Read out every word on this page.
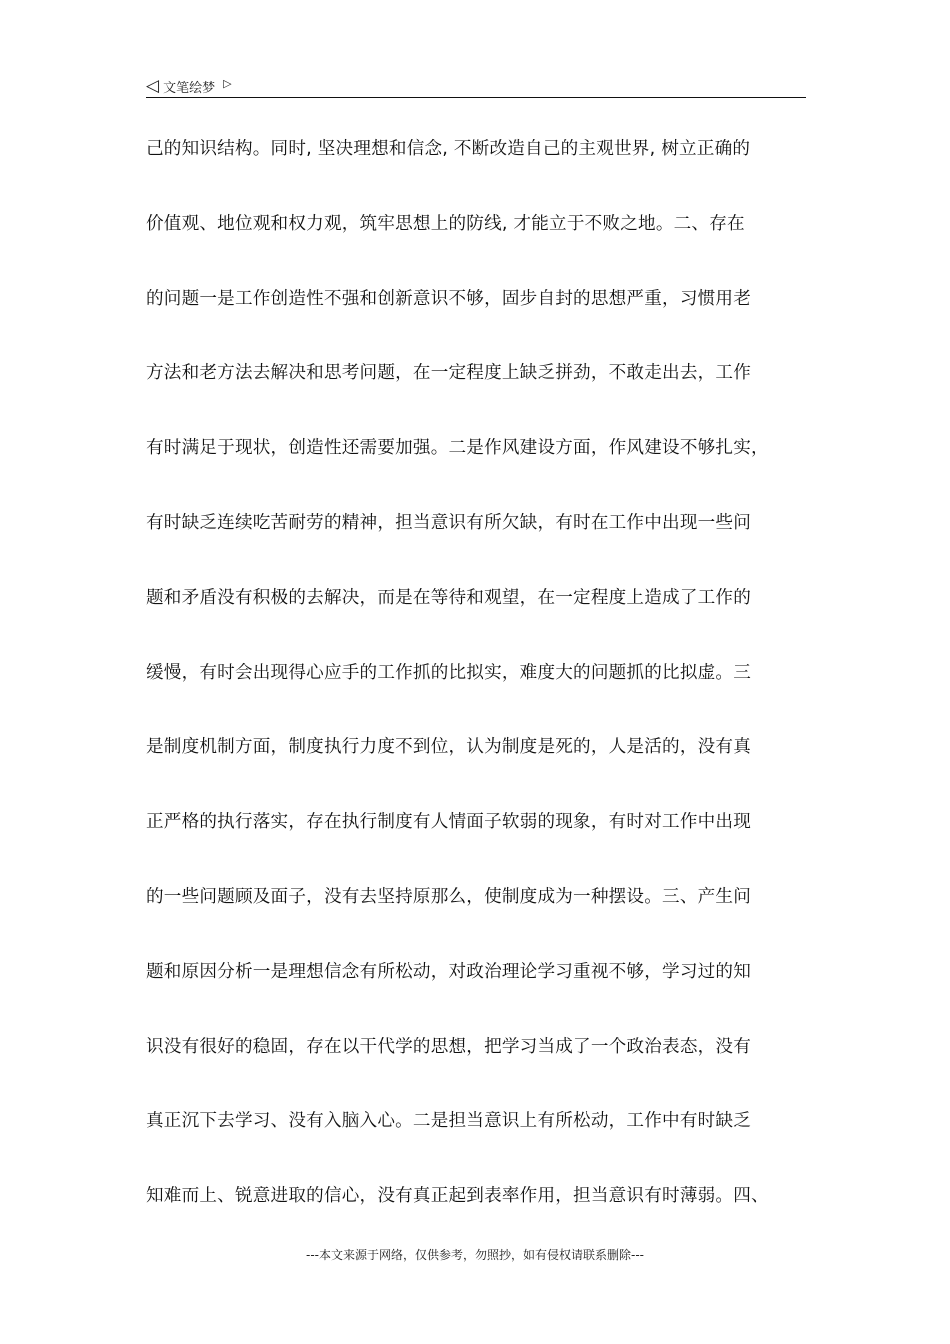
◁ 文笔绘梦 ▷
己的知识结构。同时, 坚决理想和信念, 不断改造自己的主观世界, 树立正确的
价值观、地位观和权力观，筑牢思想上的防线, 才能立于不败之地。二、存在
的问题一是工作创造性不强和创新意识不够，固步自封的思想严重，习惯用老
方法和老方法去解决和思考问题，在一定程度上缺乏拼劲，不敢走出去，工作
有时满足于现状，创造性还需要加强。二是作风建设方面，作风建设不够扎实，
有时缺乏连续吃苦耐劳的精神，担当意识有所欠缺，有时在工作中出现一些问
题和矛盾没有积极的去解决，而是在等待和观望，在一定程度上造成了工作的
缓慢，有时会出现得心应手的工作抓的比拟实，难度大的问题抓的比拟虚。三
是制度机制方面，制度执行力度不到位，认为制度是死的，人是活的，没有真
正严格的执行落实，存在执行制度有人情面子软弱的现象，有时对工作中出现
的一些问题顾及面子，没有去坚持原那么，使制度成为一种摆设。三、产生问
题和原因分析一是理想信念有所松动，对政治理论学习重视不够，学习过的知
识没有很好的稳固，存在以干代学的思想，把学习当成了一个政治表态，没有
真正沉下去学习、没有入脑入心。二是担当意识上有所松动，工作中有时缺乏
知难而上、锐意进取的信心，没有真正起到表率作用，担当意识有时薄弱。四、
---本文来源于网络，仅供参考，勿照抄，如有侵权请联系删除---
